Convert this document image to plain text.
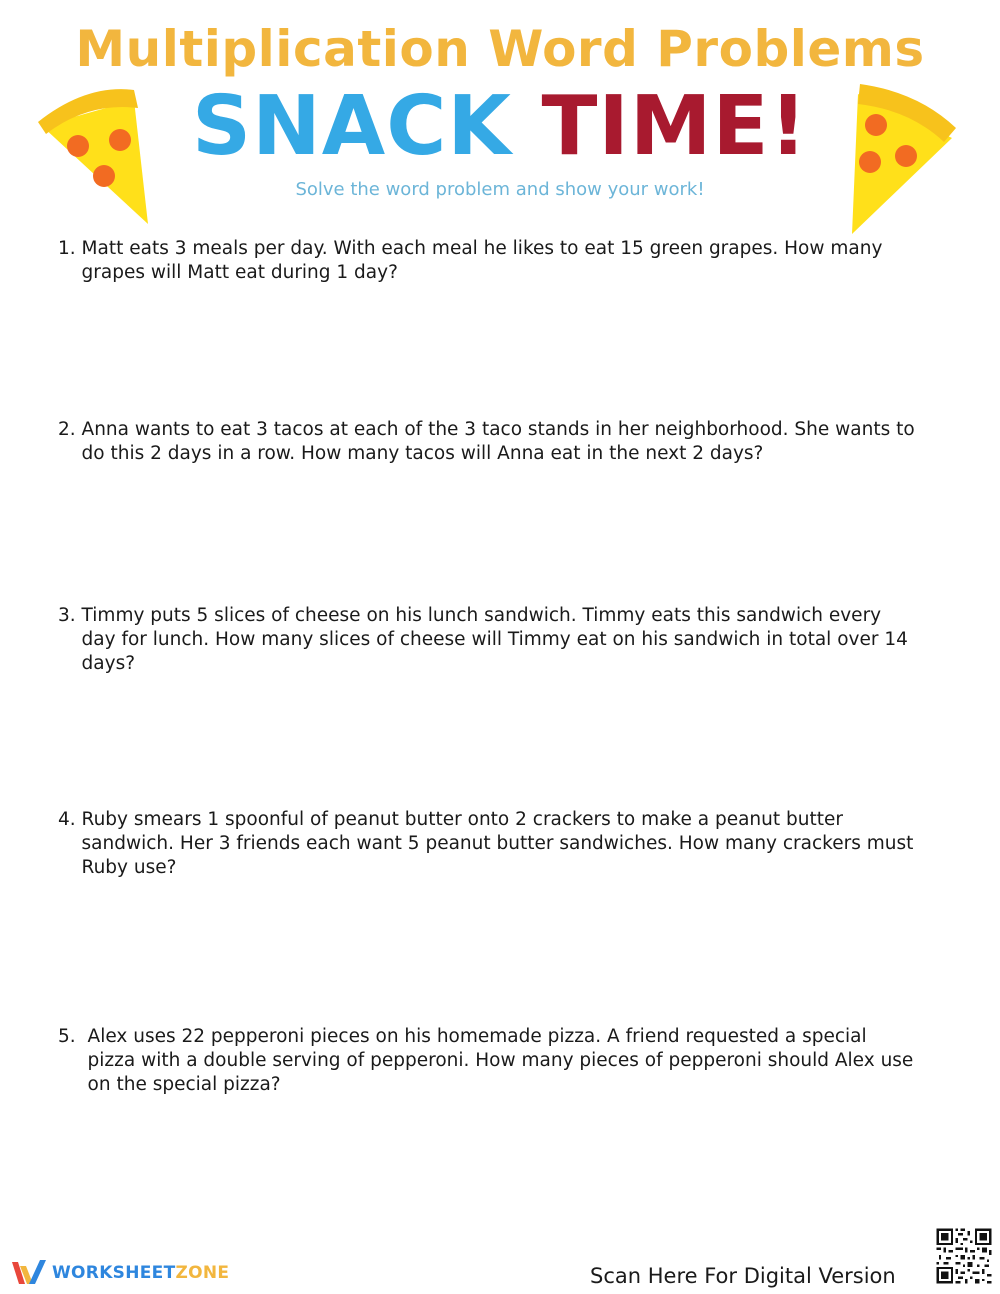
Multiplication Word Problems
SNACK TIME!
Solve the word problem and show your work!
1. Matt eats 3 meals per day. With each meal he likes to eat 15 green grapes. How many grapes will Matt eat during 1 day?
2. Anna wants to eat 3 tacos at each of the 3 taco stands in her neighborhood. She wants to do this 2 days in a row. How many tacos will Anna eat in the next 2 days?
3. Timmy puts 5 slices of cheese on his lunch sandwich. Timmy eats this sandwich every day for lunch. How many slices of cheese will Timmy eat on his sandwich in total over 14 days?
4. Ruby smears 1 spoonful of peanut butter onto 2 crackers to make a peanut butter sandwich. Her 3 friends each want 5 peanut butter sandwiches. How many crackers must Ruby use?
5. Alex uses 22 pepperoni pieces on his homemade pizza. A friend requested a special pizza with a double serving of pepperoni. How many pieces of pepperoni should Alex use on the special pizza?
WORKSHEETZONE	Scan Here For Digital Version
